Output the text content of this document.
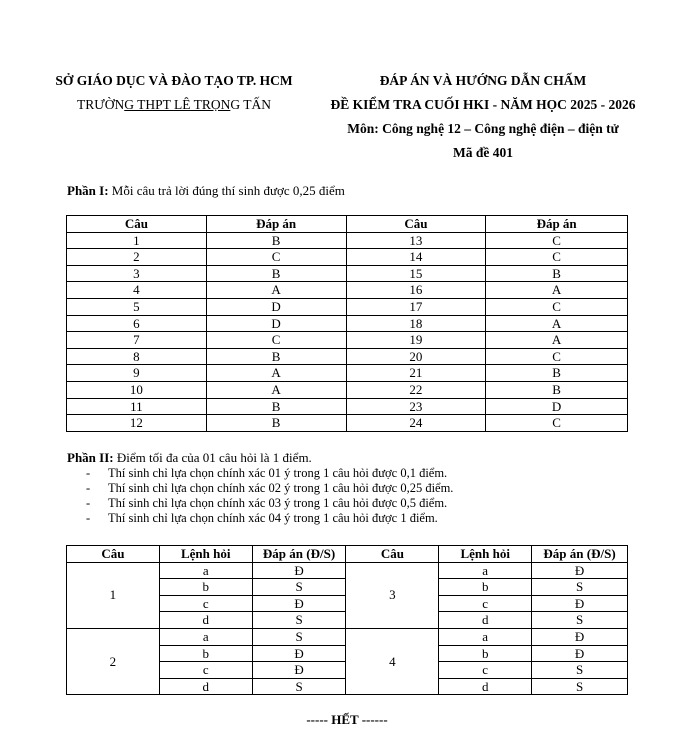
SỞ GIÁO DỤC VÀ ĐÀO TẠO TP. HCM
TRƯỜNG THPT LÊ TRỌNG TẤN
ĐÁP ÁN VÀ HƯỚNG DẪN CHẤM
ĐỀ KIỂM TRA CUỐI HKI - NĂM HỌC 2025 - 2026
Môn: Công nghệ 12 – Công nghệ điện – điện tử
Mã đề 401
Phần I: Mỗi câu trả lời đúng thí sinh được 0,25 điểm
Câu	Đáp án	Câu	Đáp án
1	B	13	C
2	C	14	C
3	B	15	B
4	A	16	A
5	D	17	C
6	D	18	A
7	C	19	A
8	B	20	C
9	A	21	B
10	A	22	B
11	B	23	D
12	B	24	C
Phần II: Điểm tối đa của 01 câu hỏi là 1 điểm.
- Thí sinh chỉ lựa chọn chính xác 01 ý trong 1 câu hỏi được 0,1 điểm.
- Thí sinh chỉ lựa chọn chính xác 02 ý trong 1 câu hỏi được 0,25 điểm.
- Thí sinh chỉ lựa chọn chính xác 03 ý trong 1 câu hỏi được 0,5 điểm.
- Thí sinh chỉ lựa chọn chính xác 04 ý trong 1 câu hỏi được 1 điểm.
Câu	Lệnh hỏi	Đáp án (Đ/S)	Câu	Lệnh hỏi	Đáp án (Đ/S)
1	a	Đ	3	a	Đ
	b	S		b	S
	c	Đ		c	Đ
	d	S		d	S
2	a	S	4	a	Đ
	b	Đ		b	Đ
	c	Đ		c	S
	d	S		d	S
----- HẾT ------
